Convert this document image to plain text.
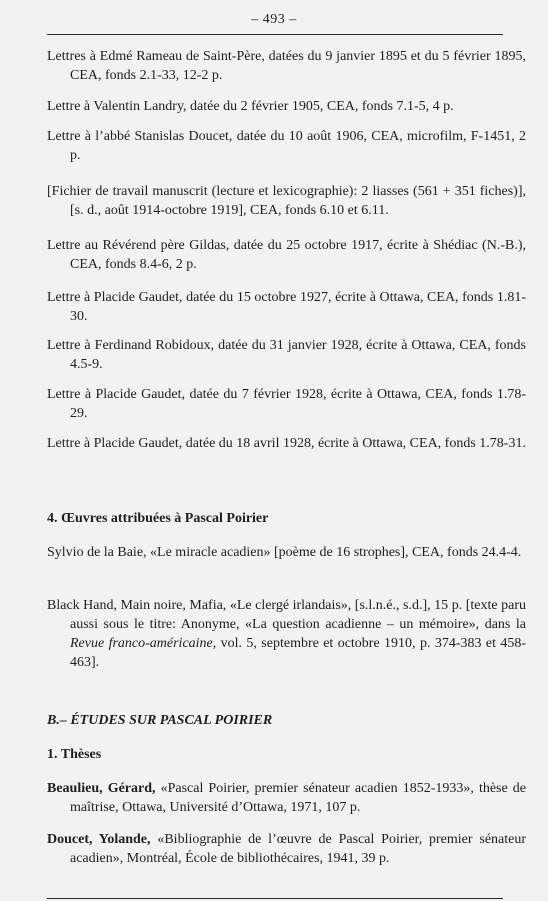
– 493 –
Lettres à Edmé Rameau de Saint-Père, datées du 9 janvier 1895 et du 5 février 1895, CEA, fonds 2.1-33, 12-2 p.
Lettre à Valentin Landry, datée du 2 février 1905, CEA, fonds 7.1-5, 4 p.
Lettre à l’abbé Stanislas Doucet, datée du 10 août 1906, CEA, microfilm, F-1451, 2 p.
[Fichier de travail manuscrit (lecture et lexicographie): 2 liasses (561 + 351 fiches)], [s. d., août 1914-octobre 1919], CEA, fonds 6.10 et 6.11.
Lettre au Révérend père Gildas, datée du 25 octobre 1917, écrite à Shédiac (N.-B.), CEA, fonds 8.4-6, 2 p.
Lettre à Placide Gaudet, datée du 15 octobre 1927, écrite à Ottawa, CEA, fonds 1.81-30.
Lettre à Ferdinand Robidoux, datée du 31 janvier 1928, écrite à Ottawa, CEA, fonds 4.5-9.
Lettre à Placide Gaudet, datée du 7 février 1928, écrite à Ottawa, CEA, fonds 1.78-29.
Lettre à Placide Gaudet, datée du 18 avril 1928, écrite à Ottawa, CEA, fonds 1.78-31.
4. Œuvres attribuées à Pascal Poirier
Sylvio de la Baie, «Le miracle acadien» [poème de 16 strophes], CEA, fonds 24.4-4.
Black Hand, Main noire, Mafia, «Le clergé irlandais», [s.l.n.é., s.d.], 15 p. [texte paru aussi sous le titre: Anonyme, «La question acadienne – un mémoire», dans la Revue franco-américaine, vol. 5, septembre et octobre 1910, p. 374-383 et 458-463].
B.– ÉTUDES SUR PASCAL POIRIER
1. Thèses
Beaulieu, Gérard, «Pascal Poirier, premier sénateur acadien 1852-1933», thèse de maîtrise, Ottawa, Université d’Ottawa, 1971, 107 p.
Doucet, Yolande, «Bibliographie de l’œuvre de Pascal Poirier, premier sénateur acadien», Montréal, École de bibliothécaires, 1941, 39 p.
